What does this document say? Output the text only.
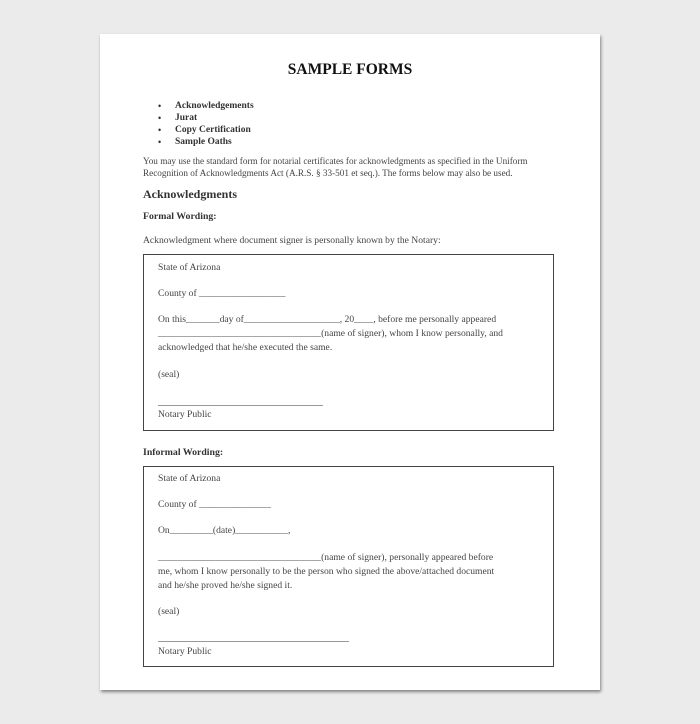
SAMPLE FORMS
• Acknowledgements
• Jurat
• Copy Certification
• Sample Oaths
You may use the standard form for notarial certificates for acknowledgments as specified in the Uniform
Recognition of Acknowledgments Act (A.R.S. § 33-501 et seq.). The forms below may also be used.
Acknowledgments
Formal Wording:
Acknowledgment where document signer is personally known by the Notary:
State of Arizona
County of __________________
On this_______day of____________________, 20____, before me personally appeared
__________________________________(name of signer), whom I know personally, and
acknowledged that he/she executed the same.
(seal)
Notary Public
Informal Wording:
State of Arizona
County of _______________
On_________(date)___________,
__________________________________(name of signer), personally appeared before
me, whom I know personally to be the person who signed the above/attached document
and he/she proved he/she signed it.
(seal)
Notary Public
